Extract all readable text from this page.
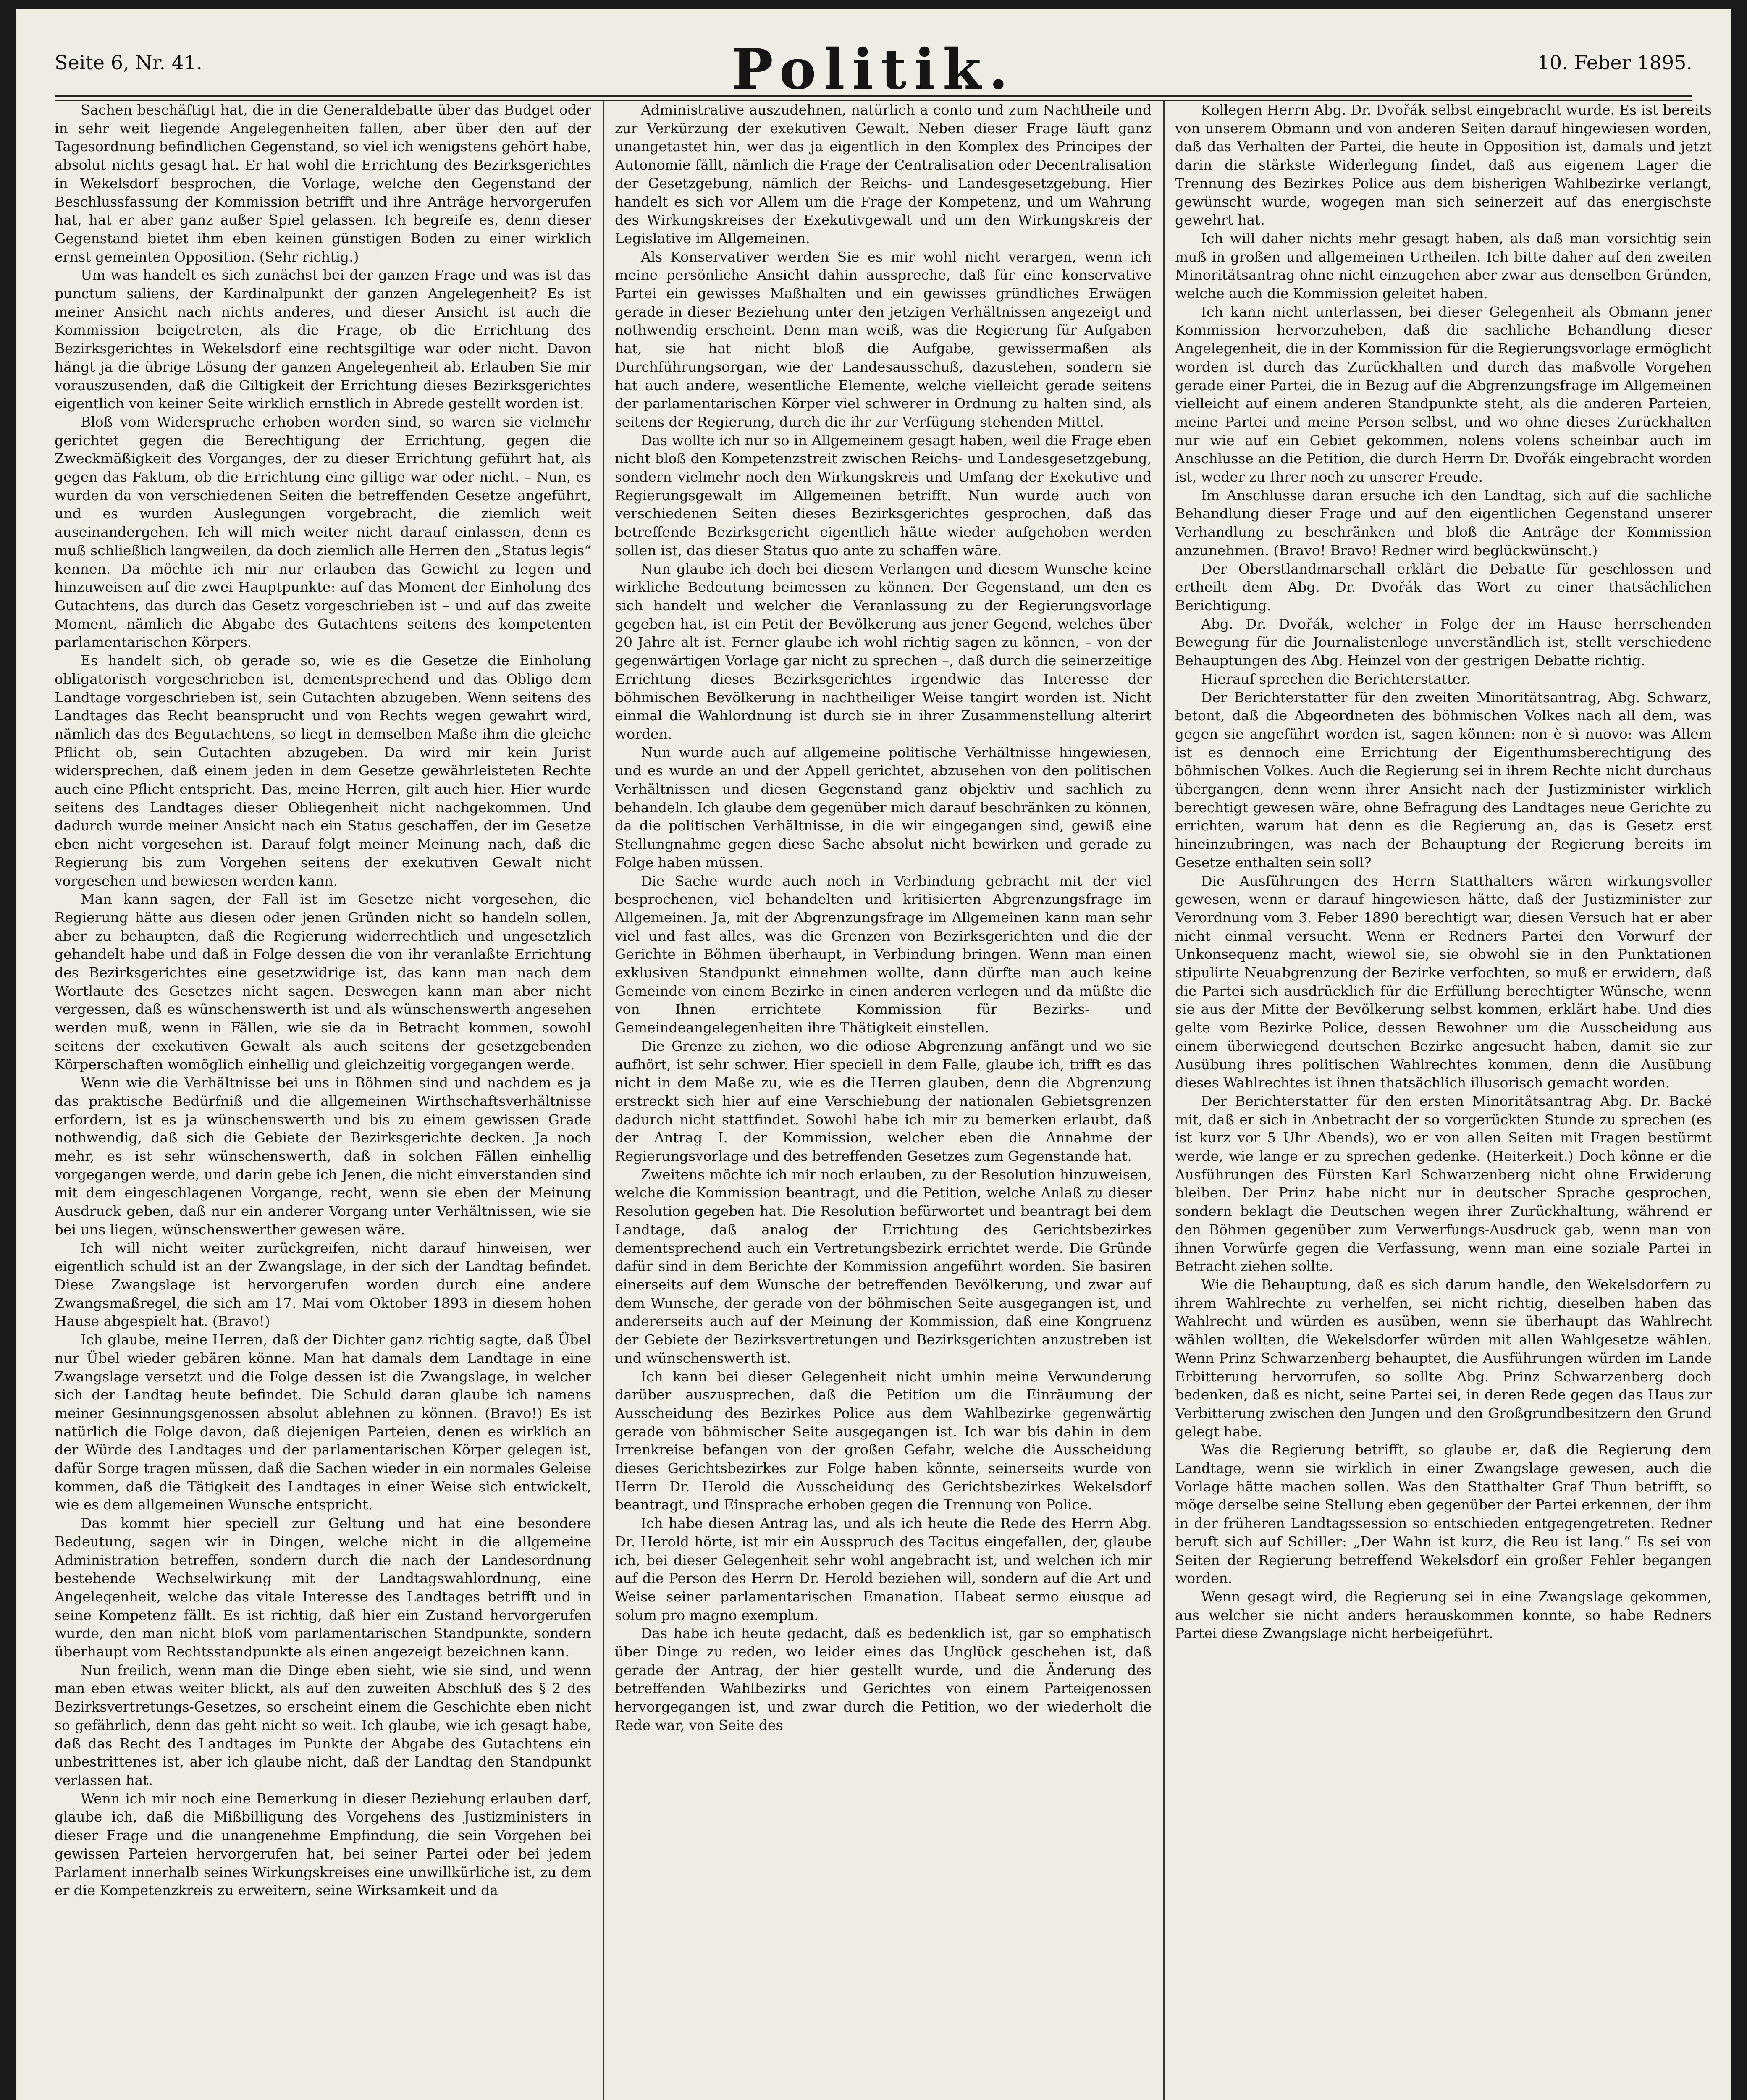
Seite 6, Nr. 41.	Politik.	10. Feber 1895.

Sachen beschäftigt hat, die in die Generaldebatte über das Budget oder in sehr weit liegende Angelegenheiten fallen, aber über den auf der Tagesordnung befindlichen Gegenstand, so viel ich wenigstens gehört habe, absolut nichts gesagt hat. Er hat wohl die Errichtung des Bezirksgerichtes in Wekelsdorf besprochen, die Vorlage, welche den Gegenstand der Beschlussfassung der Kommission betrifft und ihre Anträge hervorgerufen hat, hat er aber ganz außer Spiel gelassen. Ich begreife es, denn dieser Gegenstand bietet ihm eben keinen günstigen Boden zu einer wirklich ernst gemeinten Opposition. (Sehr richtig.)

Um was handelt es sich zunächst bei der ganzen Frage und was ist das punctum saliens, der Kardinalpunkt der ganzen Angelegenheit? Es ist meiner Ansicht nach nichts anderes, und dieser Ansicht ist auch die Kommission beigetreten, als die Frage, ob die Errichtung des Bezirksgerichtes in Wekelsdorf eine rechtsgiltige war oder nicht. Davon hängt ja die übrige Lösung der ganzen Angelegenheit ab. Erlauben Sie mir vorauszusenden, daß die Giltigkeit der Errichtung dieses Bezirksgerichtes eigentlich von keiner Seite wirklich ernstlich in Abrede gestellt worden ist.

Bloß vom Widerspruche erhoben worden sind, so waren sie vielmehr gerichtet gegen die Berechtigung der Errichtung, gegen die Zweckmäßigkeit des Vorganges, der zu dieser Errichtung geführt hat, als gegen das Faktum, ob die Errichtung eine giltige war oder nicht. – Nun, es wurden da von verschiedenen Seiten die betreffenden Gesetze angeführt, und es wurden Auslegungen vorgebracht, die ziemlich weit auseinandergehen. Ich will mich weiter nicht darauf einlassen, denn es muß schließlich langweilen, da doch ziemlich alle Herren den „Status legis“ kennen. Da möchte ich mir nur erlauben das Gewicht zu legen und hinzuweisen auf die zwei Hauptpunkte: auf das Moment der Einholung des Gutachtens, das durch das Gesetz vorgeschrieben ist – und auf das zweite Moment, nämlich die Abgabe des Gutachtens seitens des kompetenten parlamentarischen Körpers.

Es handelt sich, ob gerade so, wie es die Gesetze die Einholung obligatorisch vorgeschrieben ist, dementsprechend und das Obligo dem Landtage vorgeschrieben ist, sein Gutachten abzugeben. Wenn seitens des Landtages das Recht beansprucht und von Rechts wegen gewahrt wird, nämlich das des Begutachtens, so liegt in demselben Maße ihm die gleiche Pflicht ob, sein Gutachten abzugeben. Da wird mir kein Jurist widersprechen, daß einem jeden in dem Gesetze gewährleisteten Rechte auch eine Pflicht entspricht. Das, meine Herren, gilt auch hier. Hier wurde seitens des Landtages dieser Obliegenheit nicht nachgekommen. Und dadurch wurde meiner Ansicht nach ein Status geschaffen, der im Gesetze eben nicht vorgesehen ist. Darauf folgt meiner Meinung nach, daß die Regierung bis zum Vorgehen seitens der exekutiven Gewalt nicht vorgesehen und bewiesen werden kann.

Man kann sagen, der Fall ist im Gesetze nicht vorgesehen, die Regierung hätte aus diesen oder jenen Gründen nicht so handeln sollen, aber zu behaupten, daß die Regierung widerrechtlich und ungesetzlich gehandelt habe und daß in Folge dessen die von ihr veranlaßte Errichtung des Bezirksgerichtes eine gesetzwidrige ist, das kann man nach dem Wortlaute des Gesetzes nicht sagen. Deswegen kann man aber nicht vergessen, daß es wünschenswerth ist und als wünschenswerth angesehen werden muß, wenn in Fällen, wie sie da in Betracht kommen, sowohl seitens der exekutiven Gewalt als auch seitens der gesetzgebenden Körperschaften womöglich einhellig und gleichzeitig vorgegangen werde.

Wenn wie die Verhältnisse bei uns in Böhmen sind und nachdem es ja das praktische Bedürfniß und die allgemeinen Wirthschaftsverhältnisse erfordern, ist es ja wünschenswerth und bis zu einem gewissen Grade nothwendig, daß sich die Gebiete der Bezirksgerichte decken. Ja noch mehr, es ist sehr wünschenswerth, daß in solchen Fällen einhellig vorgegangen werde, und darin gebe ich Jenen, die nicht einverstanden sind mit dem eingeschlagenen Vorgange, recht, wenn sie eben der Meinung Ausdruck geben, daß nur ein anderer Vorgang unter Verhältnissen, wie sie bei uns liegen, wünschenswerther gewesen wäre.

Ich will nicht weiter zurückgreifen, nicht darauf hinweisen, wer eigentlich schuld ist an der Zwangslage, in der sich der Landtag befindet. Diese Zwangslage ist hervorgerufen worden durch eine andere Zwangsmaßregel, die sich am 17. Mai vom Oktober 1893 in diesem hohen Hause abgespielt hat. (Bravo!)

Ich glaube, meine Herren, daß der Dichter ganz richtig sagte, daß Übel nur Übel wieder gebären könne. Man hat damals dem Landtage in eine Zwangslage versetzt und die Folge dessen ist die Zwangslage, in welcher sich der Landtag heute befindet. Die Schuld daran glaube ich namens meiner Gesinnungsgenossen absolut ablehnen zu können. (Bravo!) Es ist natürlich die Folge davon, daß diejenigen Parteien, denen es wirklich an der Würde des Landtages und der parlamentarischen Körper gelegen ist, dafür Sorge tragen müssen, daß die Sachen wieder in ein normales Geleise kommen, daß die Tätigkeit des Landtages in einer Weise sich entwickelt, wie es dem allgemeinen Wunsche entspricht.

Das kommt hier speciell zur Geltung und hat eine besondere Bedeutung, sagen wir in Dingen, welche nicht in die allgemeine Administration betreffen, sondern durch die nach der Landesordnung bestehende Wechselwirkung mit der Landtagswahlordnung, eine Angelegenheit, welche das vitale Interesse des Landtages betrifft und in seine Kompetenz fällt. Es ist richtig, daß hier ein Zustand hervorgerufen wurde, den man nicht bloß vom parlamentarischen Standpunkte, sondern überhaupt vom Rechtsstandpunkte als einen angezeigt bezeichnen kann.

Nun freilich, wenn man die Dinge eben sieht, wie sie sind, und wenn man eben etwas weiter blickt, als auf den zuweiten Abschluß des § 2 des Bezirksvertretungs-Gesetzes, so erscheint einem die Geschichte eben nicht so gefährlich, denn das geht nicht so weit. Ich glaube, wie ich gesagt habe, daß das Recht des Landtages im Punkte der Abgabe des Gutachtens ein unbestrittenes ist, aber ich glaube nicht, daß der Landtag den Standpunkt verlassen hat.

Wenn ich mir noch eine Bemerkung in dieser Beziehung erlauben darf, glaube ich, daß die Mißbilligung des Vorgehens des Justizministers in dieser Frage und die unangenehme Empfindung, die sein Vorgehen bei gewissen Parteien hervorgerufen hat, bei seiner Partei oder bei jedem Parlament innerhalb seines Wirkungskreises eine unwillkürliche ist, zu dem er die Kompetenzkreis zu erweitern, seine Wirksamkeit und da

Administrative auszudehnen, natürlich a conto und zum Nachtheile und zur Verkürzung der exekutiven Gewalt. Neben dieser Frage läuft ganz unangetastet hin, wer das ja eigentlich in den Komplex des Principes der Autonomie fällt, nämlich die Frage der Centralisation oder Decentralisation der Gesetzgebung, nämlich der Reichs- und Landesgesetzgebung. Hier handelt es sich vor Allem um die Frage der Kompetenz, und um Wahrung des Wirkungskreises der Exekutivgewalt und um den Wirkungskreis der Legislative im Allgemeinen.

Als Konservativer werden Sie es mir wohl nicht verargen, wenn ich meine persönliche Ansicht dahin ausspreche, daß für eine konservative Partei ein gewisses Maßhalten und ein gewisses gründliches Erwägen gerade in dieser Beziehung unter den jetzigen Verhältnissen angezeigt und nothwendig erscheint. Denn man weiß, was die Regierung für Aufgaben hat, sie hat nicht bloß die Aufgabe, gewissermaßen als Durchführungsorgan, wie der Landesausschuß, dazustehen, sondern sie hat auch andere, wesentliche Elemente, welche vielleicht gerade seitens der parlamentarischen Körper viel schwerer in Ordnung zu halten sind, als seitens der Regierung, durch die ihr zur Verfügung stehenden Mittel.

Das wollte ich nur so in Allgemeinem gesagt haben, weil die Frage eben nicht bloß den Kompetenzstreit zwischen Reichs- und Landesgesetzgebung, sondern vielmehr noch den Wirkungskreis und Umfang der Exekutive und Regierungsgewalt im Allgemeinen betrifft. Nun wurde auch von verschiedenen Seiten dieses Bezirksgerichtes gesprochen, daß das betreffende Bezirksgericht eigentlich hätte wieder aufgehoben werden sollen ist, das dieser Status quo ante zu schaffen wäre.

Nun glaube ich doch bei diesem Verlangen und diesem Wunsche keine wirkliche Bedeutung beimessen zu können. Der Gegenstand, um den es sich handelt und welcher die Veranlassung zu der Regierungsvorlage gegeben hat, ist ein Petit der Bevölkerung aus jener Gegend, welches über 20 Jahre alt ist. Ferner glaube ich wohl richtig sagen zu können, – von der gegenwärtigen Vorlage gar nicht zu sprechen –, daß durch die seinerzeitige Errichtung dieses Bezirksgerichtes irgendwie das Interesse der böhmischen Bevölkerung in nachtheiliger Weise tangirt worden ist. Nicht einmal die Wahlordnung ist durch sie in ihrer Zusammenstellung alterirt worden.

Nun wurde auch auf allgemeine politische Verhältnisse hingewiesen, und es wurde an und der Appell gerichtet, abzusehen von den politischen Verhältnissen und diesen Gegenstand ganz objektiv und sachlich zu behandeln. Ich glaube dem gegenüber mich darauf beschränken zu können, da die politischen Verhältnisse, in die wir eingegangen sind, gewiß eine Stellungnahme gegen diese Sache absolut nicht bewirken und gerade zu Folge haben müssen.

Die Sache wurde auch noch in Verbindung gebracht mit der viel besprochenen, viel behandelten und kritisierten Abgrenzungsfrage im Allgemeinen. Ja, mit der Abgrenzungsfrage im Allgemeinen kann man sehr viel und fast alles, was die Grenzen von Bezirksgerichten und die der Gerichte in Böhmen überhaupt, in Verbindung bringen. Wenn man einen exklusiven Standpunkt einnehmen wollte, dann dürfte man auch keine Gemeinde von einem Bezirke in einen anderen verlegen und da müßte die von Ihnen errichtete Kommission für Bezirks- und Gemeindeangelegenheiten ihre Thätigkeit einstellen.

Die Grenze zu ziehen, wo die odiose Abgrenzung anfängt und wo sie aufhört, ist sehr schwer. Hier speciell in dem Falle, glaube ich, trifft es das nicht in dem Maße zu, wie es die Herren glauben, denn die Abgrenzung erstreckt sich hier auf eine Verschiebung der nationalen Gebietsgrenzen dadurch nicht stattfindet. Sowohl habe ich mir zu bemerken erlaubt, daß der Antrag I. der Kommission, welcher eben die Annahme der Regierungsvorlage und des betreffenden Gesetzes zum Gegenstande hat.

Zweitens möchte ich mir noch erlauben, zu der Resolution hinzuweisen, welche die Kommission beantragt, und die Petition, welche Anlaß zu dieser Resolution gegeben hat. Die Resolution befürwortet und beantragt bei dem Landtage, daß analog der Errichtung des Gerichtsbezirkes dementsprechend auch ein Vertretungsbezirk errichtet werde. Die Gründe dafür sind in dem Berichte der Kommission angeführt worden. Sie basiren einerseits auf dem Wunsche der betreffenden Bevölkerung, und zwar auf dem Wunsche, der gerade von der böhmischen Seite ausgegangen ist, und andererseits auch auf der Meinung der Kommission, daß eine Kongruenz der Gebiete der Bezirksvertretungen und Bezirksgerichten anzustreben ist und wünschenswerth ist.

Ich kann bei dieser Gelegenheit nicht umhin meine Verwunderung darüber auszusprechen, daß die Petition um die Einräumung der Ausscheidung des Bezirkes Police aus dem Wahlbezirke gegenwärtig gerade von böhmischer Seite ausgegangen ist. Ich war bis dahin in dem Irrenkreise befangen von der großen Gefahr, welche die Ausscheidung dieses Gerichtsbezirkes zur Folge haben könnte, seinerseits wurde von Herrn Dr. Herold die Ausscheidung des Gerichtsbezirkes Wekelsdorf beantragt, und Einsprache erhoben gegen die Trennung von Police.

Ich habe diesen Antrag las, und als ich heute die Rede des Herrn Abg. Dr. Herold hörte, ist mir ein Ausspruch des Tacitus eingefallen, der, glaube ich, bei dieser Gelegenheit sehr wohl angebracht ist, und welchen ich mir auf die Person des Herrn Dr. Herold beziehen will, sondern auf die Art und Weise seiner parlamentarischen Emanation. Habeat sermo eiusque ad solum pro magno exemplum.

Das habe ich heute gedacht, daß es bedenklich ist, gar so emphatisch über Dinge zu reden, wo leider eines das Unglück geschehen ist, daß gerade der Antrag, der hier gestellt wurde, und die Änderung des betreffenden Wahlbezirks und Gerichtes von einem Parteigenossen hervorgegangen ist, und zwar durch die Petition, wo der wiederholt die Rede war, von Seite des

Kollegen Herrn Abg. Dr. Dvořák selbst eingebracht wurde. Es ist bereits von unserem Obmann und von anderen Seiten darauf hingewiesen worden, daß das Verhalten der Partei, die heute in Opposition ist, damals und jetzt darin die stärkste Widerlegung findet, daß aus eigenem Lager die Trennung des Bezirkes Police aus dem bisherigen Wahlbezirke verlangt, gewünscht wurde, wogegen man sich seinerzeit auf das energischste gewehrt hat.

Ich will daher nichts mehr gesagt haben, als daß man vorsichtig sein muß in großen und allgemeinen Urtheilen. Ich bitte daher auf den zweiten Minoritätsantrag ohne nicht einzugehen aber zwar aus denselben Gründen, welche auch die Kommission geleitet haben.

Ich kann nicht unterlassen, bei dieser Gelegenheit als Obmann jener Kommission hervorzuheben, daß die sachliche Behandlung dieser Angelegenheit, die in der Kommission für die Regierungsvorlage ermöglicht worden ist durch das Zurückhalten und durch das maßvolle Vorgehen gerade einer Partei, die in Bezug auf die Abgrenzungsfrage im Allgemeinen vielleicht auf einem anderen Standpunkte steht, als die anderen Parteien, meine Partei und meine Person selbst, und wo ohne dieses Zurückhalten nur wie auf ein Gebiet gekommen, nolens volens scheinbar auch im Anschlusse an die Petition, die durch Herrn Dr. Dvořák eingebracht worden ist, weder zu Ihrer noch zu unserer Freude.

Im Anschlusse daran ersuche ich den Landtag, sich auf die sachliche Behandlung dieser Frage und auf den eigentlichen Gegenstand unserer Verhandlung zu beschränken und bloß die Anträge der Kommission anzunehmen. (Bravo! Bravo! Redner wird beglückwünscht.)

Der Oberstlandmarschall erklärt die Debatte für geschlossen und ertheilt dem Abg. Dr. Dvořák das Wort zu einer thatsächlichen Berichtigung.

Abg. Dr. Dvořák, welcher in Folge der im Hause herrschenden Bewegung für die Journalistenloge unverständlich ist, stellt verschiedene Behauptungen des Abg. Heinzel von der gestrigen Debatte richtig.

Hierauf sprechen die Berichterstatter.

Der Berichterstatter für den zweiten Minoritätsantrag, Abg. Schwarz, betont, daß die Abgeordneten des böhmischen Volkes nach all dem, was gegen sie angeführt worden ist, sagen können: non è sì nuovo: was Allem ist es dennoch eine Errichtung der Eigenthumsberechtigung des böhmischen Volkes. Auch die Regierung sei in ihrem Rechte nicht durchaus übergangen, denn wenn ihrer Ansicht nach der Justizminister wirklich berechtigt gewesen wäre, ohne Befragung des Landtages neue Gerichte zu errichten, warum hat denn es die Regierung an, das is Gesetz erst hineinzubringen, was nach der Behauptung der Regierung bereits im Gesetze enthalten sein soll?

Die Ausführungen des Herrn Statthalters wären wirkungsvoller gewesen, wenn er darauf hingewiesen hätte, daß der Justizminister zur Verordnung vom 3. Feber 1890 berechtigt war, diesen Versuch hat er aber nicht einmal versucht. Wenn er Redners Partei den Vorwurf der Unkonsequenz macht, wiewol sie, sie obwohl sie in den Punktationen stipulirte Neuabgrenzung der Bezirke verfochten, so muß er erwidern, daß die Partei sich ausdrücklich für die Erfüllung berechtigter Wünsche, wenn sie aus der Mitte der Bevölkerung selbst kommen, erklärt habe. Und dies gelte vom Bezirke Police, dessen Bewohner um die Ausscheidung aus einem überwiegend deutschen Bezirke angesucht haben, damit sie zur Ausübung ihres politischen Wahlrechtes kommen, denn die Ausübung dieses Wahlrechtes ist ihnen thatsächlich illusorisch gemacht worden.

Der Berichterstatter für den ersten Minoritätsantrag Abg. Dr. Backé mit, daß er sich in Anbetracht der so vorgerückten Stunde zu sprechen (es ist kurz vor 5 Uhr Abends), wo er von allen Seiten mit Fragen bestürmt werde, wie lange er zu sprechen gedenke. (Heiterkeit.) Doch könne er die Ausführungen des Fürsten Karl Schwarzenberg nicht ohne Erwiderung bleiben. Der Prinz habe nicht nur in deutscher Sprache gesprochen, sondern beklagt die Deutschen wegen ihrer Zurückhaltung, während er den Böhmen gegenüber zum Verwerfungs-Ausdruck gab, wenn man von ihnen Vorwürfe gegen die Verfassung, wenn man eine soziale Partei in Betracht ziehen sollte.

Wie die Behauptung, daß es sich darum handle, den Wekelsdorfern zu ihrem Wahlrechte zu verhelfen, sei nicht richtig, dieselben haben das Wahlrecht und würden es ausüben, wenn sie überhaupt das Wahlrecht wählen wollten, die Wekelsdorfer würden mit allen Wahlgesetze wählen. Wenn Prinz Schwarzenberg behauptet, die Ausführungen würden im Lande Erbitterung hervorrufen, so sollte Abg. Prinz Schwarzenberg doch bedenken, daß es nicht, seine Partei sei, in deren Rede gegen das Haus zur Verbitterung zwischen den Jungen und den Großgrundbesitzern den Grund gelegt habe.

Was die Regierung betrifft, so glaube er, daß die Regierung dem Landtage, wenn sie wirklich in einer Zwangslage gewesen, auch die Vorlage hätte machen sollen. Was den Statthalter Graf Thun betrifft, so möge derselbe seine Stellung eben gegenüber der Partei erkennen, der ihm in der früheren Landtagssession so entschieden entgegengetreten. Redner beruft sich auf Schiller: „Der Wahn ist kurz, die Reu ist lang.“ Es sei von Seiten der Regierung betreffend Wekelsdorf ein großer Fehler begangen worden.

Wenn gesagt wird, die Regierung sei in eine Zwangslage gekommen, aus welcher sie nicht anders herauskommen konnte, so habe Redners Partei diese Zwangslage nicht herbeigeführt.
